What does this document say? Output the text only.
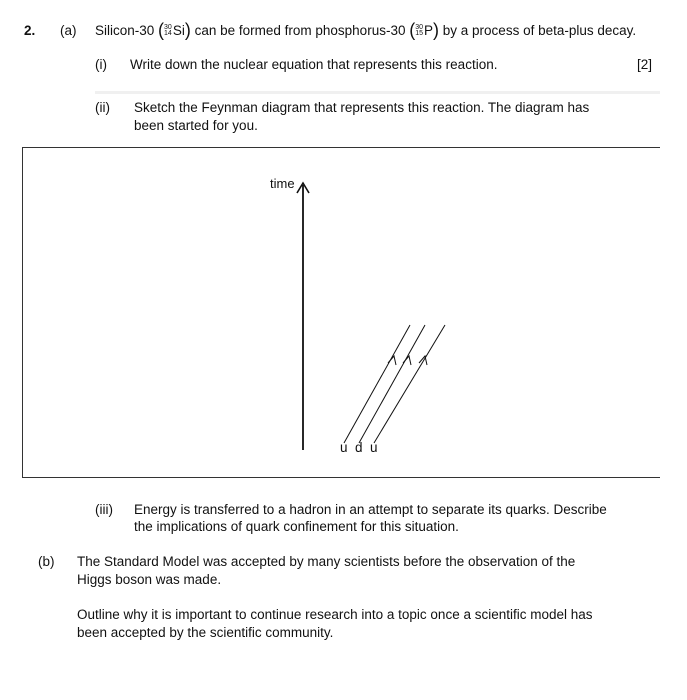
2. (a) Silicon-30 ( 30
14 Si) can be formed from phosphorus-30 ( 30
15 P) by a process of beta-plus decay.
(i) Write down the nuclear equation that represents this reaction.	[2]
(ii) Sketch the Feynman diagram that represents this reaction. The diagram has
been started for you.
time
u d u
(iii) Energy is transferred to a hadron in an attempt to separate its quarks. Describe
the implications of quark confinement for this situation.
(b) The Standard Model was accepted by many scientists before the observation of the
Higgs boson was made.
Outline why it is important to continue research into a topic once a scientific model has
been accepted by the scientific community.
